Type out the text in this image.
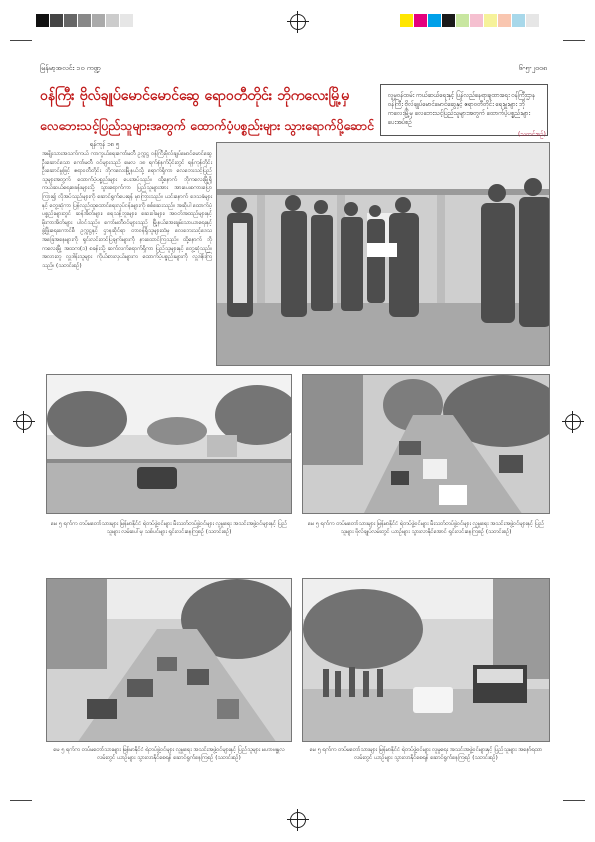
မြန်မာ့အလင်း ၁၀ ကဏ္ဍ	၆-၅-၂၀၀၈
ဝန်ကြီး ဗိုလ်ချုပ်မောင်မောင်ဆွေ ရောဝတီတိုင်း ဘိုကလေးမြို့မှ
လေဘေးသင့်ပြည်သူများအတွက် ထောက်ပံ့ပစ္စည်းများ သွားရောက်ပို့ဆောင်
လူမှုဝန်ထမ်း ကယ်ဆယ်ရေးနှင့် ပြန်လည်နေရာချထားရေး ဝန်ကြီးဌာန ဝန်ကြီး ဗိုလ်ချုပ်မောင်မောင်ဆွေနှင့် ဧရာဝတီတိုင်း ရေးမှူးများ ဘိုကလေးမြို့မှ လေဘေးသင့်ပြည်သူများအတွက် ထောက်ပံ့ပစ္စည်းများ ပေးအပ်စဉ်
(သတင်းစဉ်)
ရန်ကုန် ၁၈ ၅
အမျိုးသားအသက်ကယ် ကာကွယ်ရေးကော်မတီ ဥက္ကဋ္ဌ ဝန်ကြီးဗိုလ်ချုပ်မောင်မောင်ဆွေ ဦးဆောင်သော ကော်မတီ ဝင်များသည် မေလ ၁၈ ရက်နံနက်ပိုင်းတွင် ရန်ကုန်တိုင်း ဦးဆောင်မှုဖြင့် ဧရာဝတီတိုင်း ဘိုကလေးမြို့နယ်သို့ ရောက်ရှိကာ လေဘေးသင့်ပြည်သူများအတွက် ထောက်ပံ့ပစ္စည်းများ ပေးအပ်သည်။ ထို့နောက် ဘိုကလေးမြို့ရှိ ကယ်ဆယ်ရေးစခန်းများသို့ သွားရောက်ကာ ပြည်သူများအား အားပေးစကားပြောကြား၍ လိုအပ်သည်များကို ဆောင်ရွက်ပေးရန် မှာကြားသည်။ ယင်းနောက် ဒေသခံများနှင့် တွေ့ဆုံကာ ပြန်လည်ထူထောင်ရေးလုပ်ငန်းများကို စစ်ဆေးသည်။ အဆိုပါ ထောက်ပံ့ပစ္စည်းများတွင် ဆန်အိတ်များ၊ ရေသန့်ဘူးများ၊ ဆေးဝါးများ၊ အဝတ်အထည်များနှင့် မိုးကာအိတ်များ ပါဝင်သည်။ ကော်မတီဝင်များသည် မြို့နယ်အေးချမ်းသာယာရေးနှင့် ဖွံ့ဖြိုးရေးကောင်စီ ဥက္ကဋ္ဌနှင့် ဌာနဆိုင်ရာ တာဝန်ရှိသူများထံမှ လေဘေးသင့်ဒေသ အခြေအနေများကို ရှင်းလင်းတင်ပြချက်များကို နားထောင်ကြသည်။ ထို့နောက် ဘိုကလေးမြို့ အထက(၁) စခန်းသို့ ဆက်လက်ရောက်ရှိကာ ပြည်သူများနှင့် တွေ့ဆုံသည်။ အလားတူ လှူဒါန်းသူများ ကိုယ်စားလှယ်များက ထောက်ပံ့ပစ္စည်းများကို လှူဒါန်းကြသည်။ (သတင်းစဉ်)
မေ ၅ ရက်က တပ်မတော်သားများ မြန်မာနိုင်ငံ ရဲတပ်ဖွဲ့ဝင်များ မီးသတ်တပ်ဖွဲ့ဝင်များ လူမှုရေး အသင်းအဖွဲ့ဝင်များနှင့် ပြည်သူများ လမ်းပေါ်မှ သစ်ပင်များ ရှင်းလင်းနေကြစဉ် (သတင်းစဉ်)
မေ ၅ ရက်က တပ်မတော်သားများ မြန်မာနိုင်ငံ ရဲတပ်ဖွဲ့ဝင်များ မီးသတ်တပ်ဖွဲ့ဝင်များ လူမှုရေး အသင်းအဖွဲ့ဝင်များနှင့် ပြည်သူများ ဗိုလ်ချုပ်လမ်းတွင် ယာဉ်များ သွားလာနိုင်အောင် ရှင်းလင်းနေကြစဉ် (သတင်းစဉ်)
မေ ၅ ရက်က တပ်မတော်သားများ မြန်မာနိုင်ငံ ရဲတပ်ဖွဲ့ဝင်များ လူမှုရေး အသင်းအဖွဲ့ဝင်များနှင့် ပြည်သူများ မဟာဗန္ဓုလလမ်းတွင် ယာဉ်များ သွားလာနိုင်စေရန် ဆောင်ရွက်နေကြစဉ် (သတင်းစဉ်)
မေ ၅ ရက်က တပ်မတော်သားများ မြန်မာနိုင်ငံ ရဲတပ်ဖွဲ့ဝင်များ လူမှုရေး အသင်းအဖွဲ့ဝင်များနှင့် ပြည်သူများ အနော်ရထာလမ်းတွင် ယာဉ်များ သွားလာနိုင်စေရန် ဆောင်ရွက်နေကြစဉ် (သတင်းစဉ်)
